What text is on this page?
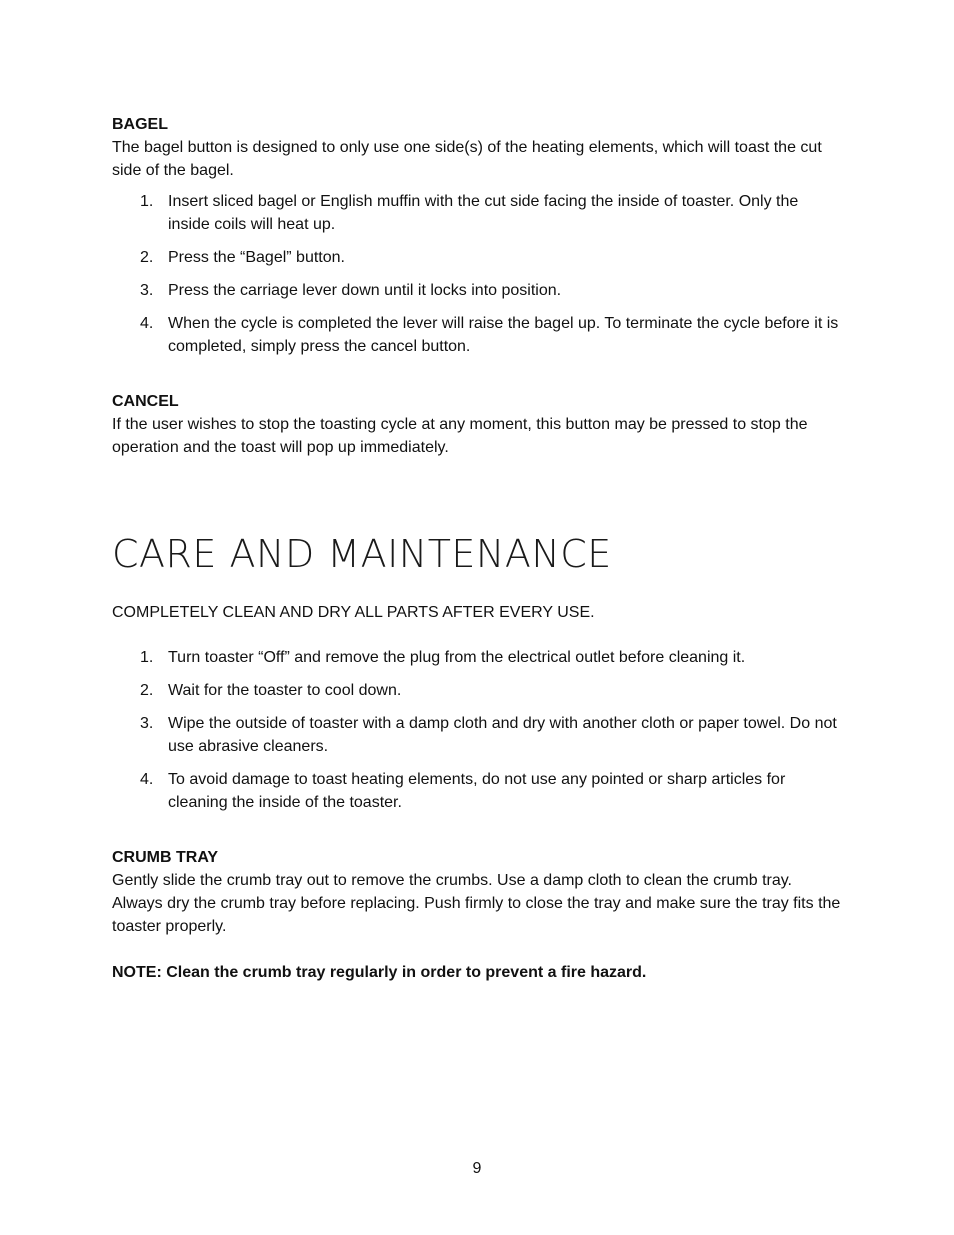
BAGEL

The bagel button is designed to only use one side(s) of the heating elements, which will toast the cut side of the bagel.

1. Insert sliced bagel or English muffin with the cut side facing the inside of toaster. Only the inside coils will heat up.
2. Press the “Bagel” button.
3. Press the carriage lever down until it locks into position.
4. When the cycle is completed the lever will raise the bagel up. To terminate the cycle before it is completed, simply press the cancel button.

CANCEL

If the user wishes to stop the toasting cycle at any moment, this button may be pressed to stop the operation and the toast will pop up immediately.

CARE AND MAINTENANCE

COMPLETELY CLEAN AND DRY ALL PARTS AFTER EVERY USE.

1. Turn toaster “Off” and remove the plug from the electrical outlet before cleaning it.
2. Wait for the toaster to cool down.
3. Wipe the outside of toaster with a damp cloth and dry with another cloth or paper towel. Do not use abrasive cleaners.
4. To avoid damage to toast heating elements, do not use any pointed or sharp articles for cleaning the inside of the toaster.

CRUMB TRAY

Gently slide the crumb tray out to remove the crumbs. Use a damp cloth to clean the crumb tray. Always dry the crumb tray before replacing. Push firmly to close the tray and make sure the tray fits the toaster properly.

NOTE: Clean the crumb tray regularly in order to prevent a fire hazard.

9
